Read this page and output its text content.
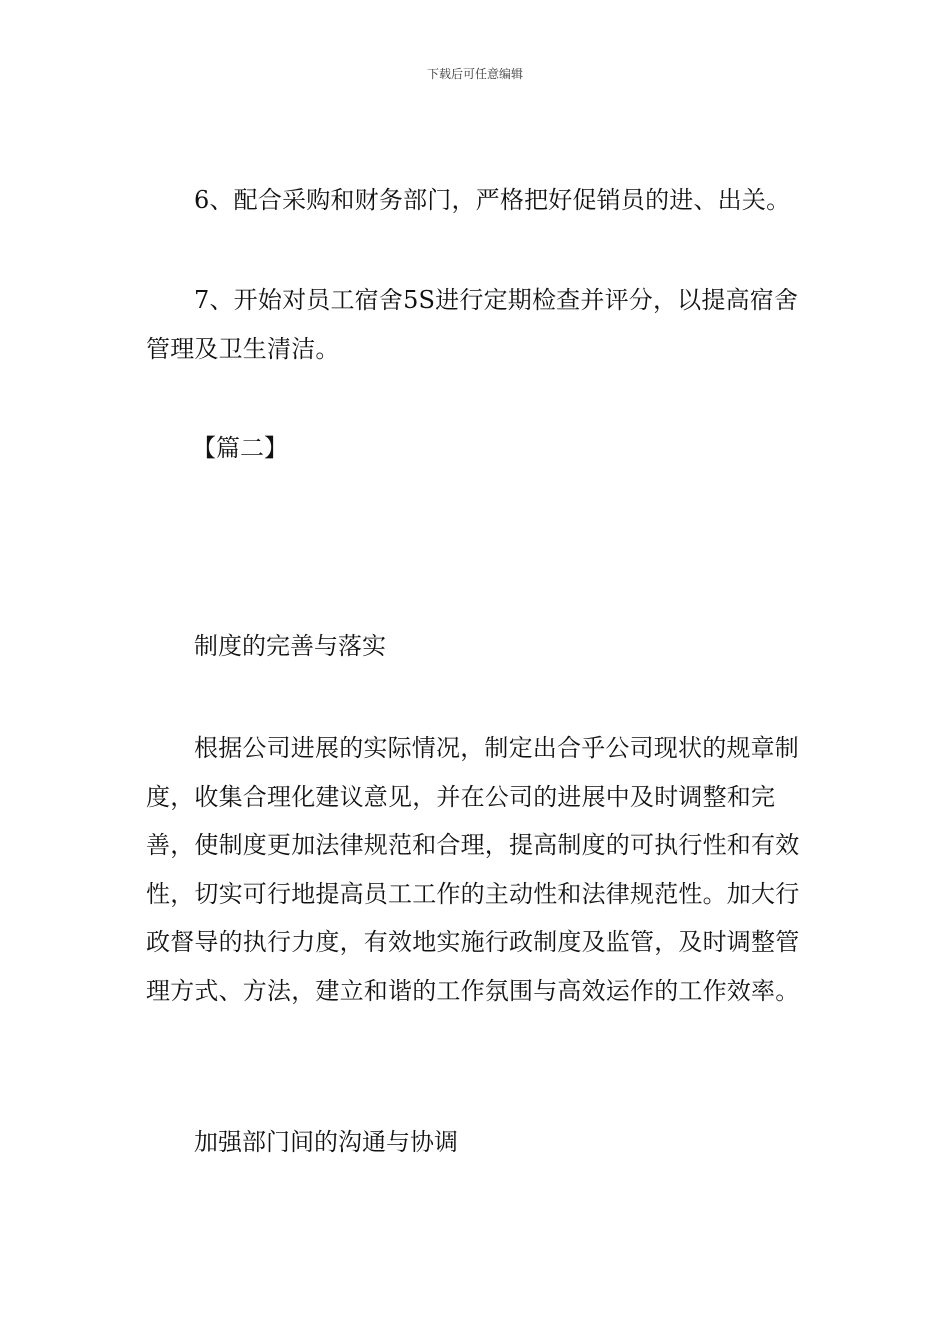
下载后可任意编辑

6、配合采购和财务部门，严格把好促销员的进、出关。

7、开始对员工宿舍5S进行定期检查并评分，以提高宿舍管理及卫生清洁。

【篇二】

制度的完善与落实

根据公司进展的实际情况，制定出合乎公司现状的规章制度，收集合理化建议意见，并在公司的进展中及时调整和完善，使制度更加法律规范和合理，提高制度的可执行性和有效性，切实可行地提高员工工作的主动性和法律规范性。加大行政督导的执行力度，有效地实施行政制度及监管，及时调整管理方式、方法，建立和谐的工作氛围与高效运作的工作效率。

加强部门间的沟通与协调
